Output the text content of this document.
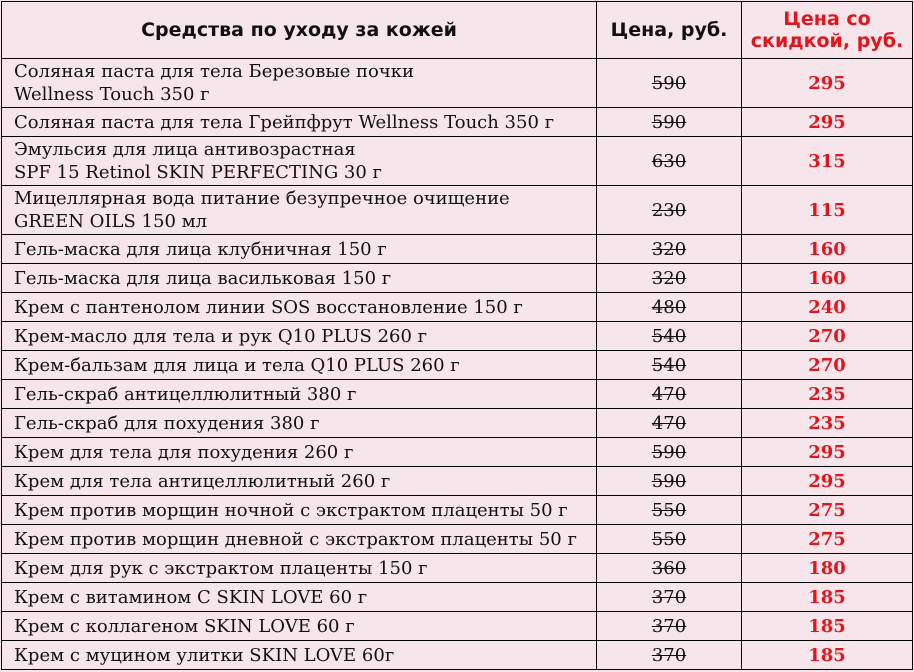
Средства по уходу за кожей	Цена, руб.	Цена со
скидкой, руб.

Соляная паста для тела Березовые почки
Wellness Touch 350 г	590	295

Соляная паста для тела Грейпфрут Wellness Touch 350 г	590	295

Эмульсия для лица антивозрастная
SPF 15 Retinol SKIN PERFECTING 30 г	630	315

Мицеллярная вода питание безупречное очищение
GREEN OILS 150 мл	230	115

Гель-маска для лица клубничная 150 г	320	160

Гель-маска для лица васильковая 150 г	320	160

Крем с пантенолом линии SOS восстановление 150 г	480	240

Крем-масло для тела и рук Q10 PLUS 260 г	540	270

Крем-бальзам для лица и тела Q10 PLUS 260 г	540	270

Гель-скраб антицеллюлитный 380 г	470	235

Гель-скраб для похудения 380 г	470	235

Крем для тела для похудения 260 г	590	295

Крем для тела антицеллюлитный 260 г	590	295

Крем против морщин ночной с экстрактом плаценты 50 г	550	275

Крем против морщин дневной с экстрактом плаценты 50 г	550	275

Крем для рук с экстрактом плаценты 150 г	360	180

Крем с витамином С SKIN LOVE 60 г	370	185

Крем с коллагеном SKIN LOVE 60 г	370	185

Крем с муцином улитки SKIN LOVE 60г	370	185
